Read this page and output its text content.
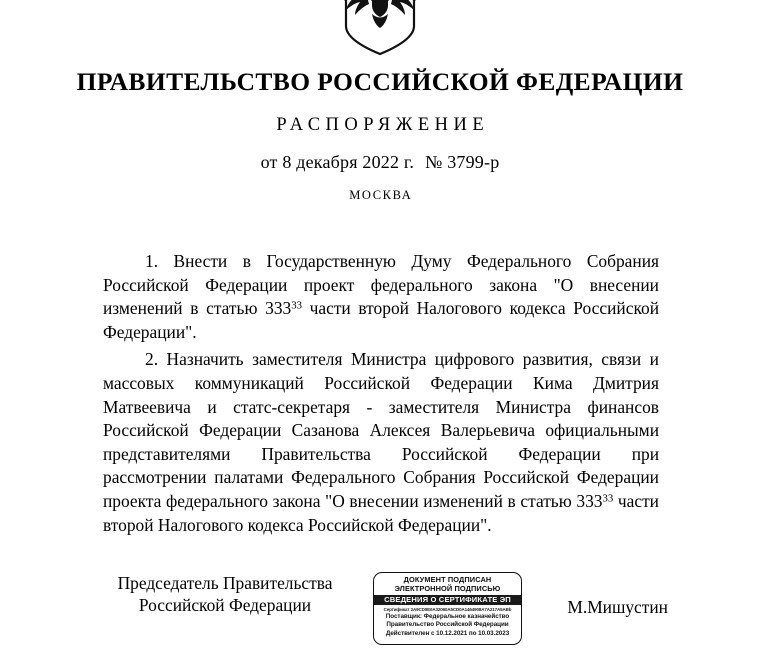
ПРАВИТЕЛЬСТВО РОССИЙСКОЙ ФЕДЕРАЦИИ
РАСПОРЯЖЕНИЕ
от 8 декабря 2022 г. № 3799-р
МОСКВА

1. Внести в Государственную Думу Федерального Собрания Российской Федерации проект федерального закона "О внесении изменений в статью $333^{33}$ части второй Налогового кодекса Российской Федерации".

2. Назначить заместителя Министра цифрового развития, связи и массовых коммуникаций Российской Федерации Кима Дмитрия Матвеевича и статс-секретаря - заместителя Министра финансов Российской Федерации Сазанова Алексея Валерьевича официальными представителями Правительства Российской Федерации при рассмотрении палатами Федерального Собрания Российской Федерации проекта федерального закона "О внесении изменений в статью $333^{33}$ части второй Налогового кодекса Российской Федерации".

Председатель Правительства
Российской Федерации
ДОКУМЕНТ ПОДПИСАН
ЭЛЕКТРОННОЙ ПОДПИСЬЮ
СВЕДЕНИЯ О СЕРТИФИКАТЕ ЭП
Сертификат 2A9CD0E0A32060A5CD0A1464908A7A217A5ABb
Поставщик: Федеральное казначейство
Правительство Российской Федерации
Действителен с 10.12.2021 по 10.03.2023
М.Мишустин
